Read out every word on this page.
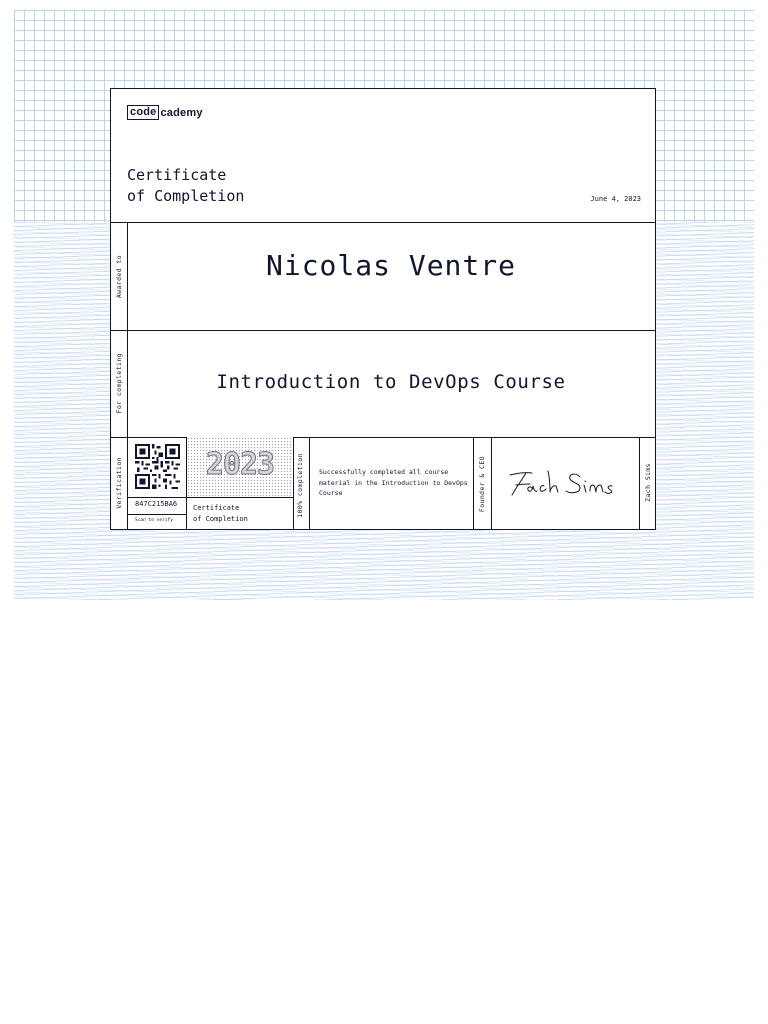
code cademy
Certificate
of Completion	June 4, 2023
Awarded to	Nicolas Ventre
For completing	Introduction to DevOps Course
Verification 847C215BA6
Scan to verify
2023
Certificate
of Completion
100% completion Successfully completed all course material in the Introduction to DevOps Course	Founder & CEO	Zach Sims
